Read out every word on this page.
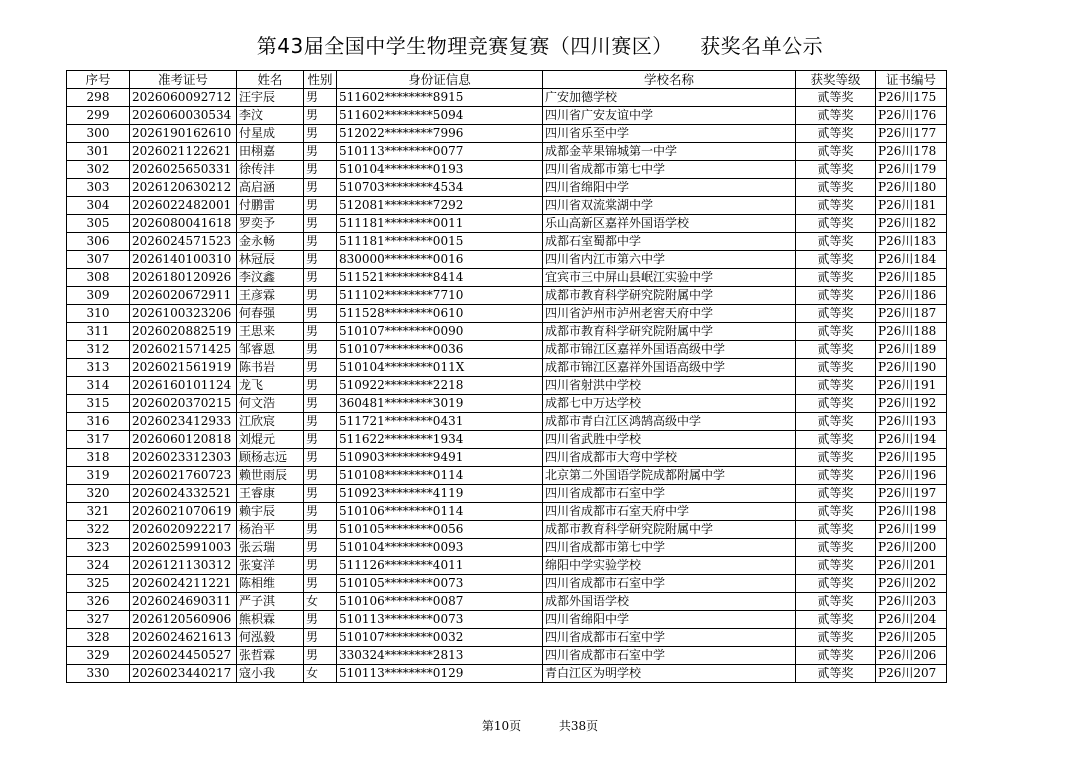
第43届全国中学生物理竞赛复赛（四川赛区）    获奖名单公示
序号	准考证号	姓名	性别	身份证信息	学校名称	获奖等级	证书编号
298	2026060092712	汪宇辰	男	511602********8915	广安加德学校	贰等奖	P26川175
299	2026060030534	李汶	男	511602********5094	四川省广安友谊中学	贰等奖	P26川176
300	2026190162610	付星成	男	512022********7996	四川省乐至中学	贰等奖	P26川177
301	2026021122621	田栩嘉	男	510113********0077	成都金苹果锦城第一中学	贰等奖	P26川178
302	2026025650331	徐传沣	男	510104********0193	四川省成都市第七中学	贰等奖	P26川179
303	2026120630212	高启涵	男	510703********4534	四川省绵阳中学	贰等奖	P26川180
304	2026022482001	付鹏雷	男	512081********7292	四川省双流棠湖中学	贰等奖	P26川181
305	2026080041618	罗奕予	男	511181********0011	乐山高新区嘉祥外国语学校	贰等奖	P26川182
306	2026024571523	金永畅	男	511181********0015	成都石室蜀都中学	贰等奖	P26川183
307	2026140100310	林冠辰	男	830000********0016	四川省内江市第六中学	贰等奖	P26川184
308	2026180120926	李汶鑫	男	511521********8414	宜宾市三中屏山县岷江实验中学	贰等奖	P26川185
309	2026020672911	王彦霖	男	511102********7710	成都市教育科学研究院附属中学	贰等奖	P26川186
310	2026100323206	何春强	男	511528********0610	四川省泸州市泸州老窖天府中学	贰等奖	P26川187
311	2026020882519	王思来	男	510107********0090	成都市教育科学研究院附属中学	贰等奖	P26川188
312	2026021571425	邹睿恩	男	510107********0036	成都市锦江区嘉祥外国语高级中学	贰等奖	P26川189
313	2026021561919	陈书岩	男	510104********011X	成都市锦江区嘉祥外国语高级中学	贰等奖	P26川190
314	2026160101124	龙飞	男	510922********2218	四川省射洪中学校	贰等奖	P26川191
315	2026020370215	何文浩	男	360481********3019	成都七中万达学校	贰等奖	P26川192
316	2026023412933	江欣宸	男	511721********0431	成都市青白江区鸿鹄高级中学	贰等奖	P26川193
317	2026060120818	刘焜元	男	511622********1934	四川省武胜中学校	贰等奖	P26川194
318	2026023312303	顾杨志远	男	510903********9491	四川省成都市大弯中学校	贰等奖	P26川195
319	2026021760723	赖世雨辰	男	510108********0114	北京第二外国语学院成都附属中学	贰等奖	P26川196
320	2026024332521	王睿康	男	510923********4119	四川省成都市石室中学	贰等奖	P26川197
321	2026021070619	赖宇辰	男	510106********0114	四川省成都市石室天府中学	贰等奖	P26川198
322	2026020922217	杨治平	男	510105********0056	成都市教育科学研究院附属中学	贰等奖	P26川199
323	2026025991003	张云瑞	男	510104********0093	四川省成都市第七中学	贰等奖	P26川200
324	2026121130312	张宴洋	男	511126********4011	绵阳中学实验学校	贰等奖	P26川201
325	2026024211221	陈相维	男	510105********0073	四川省成都市石室中学	贰等奖	P26川202
326	2026024690311	严子淇	女	510106********0087	成都外国语学校	贰等奖	P26川203
327	2026120560906	熊枳霖	男	510113********0073	四川省绵阳中学	贰等奖	P26川204
328	2026024621613	何泓毅	男	510107********0032	四川省成都市石室中学	贰等奖	P26川205
329	2026024450527	张哲霖	男	330324********2813	四川省成都市石室中学	贰等奖	P26川206
330	2026023440217	寇小我	女	510113********0129	青白江区为明学校	贰等奖	P26川207
第10页	共38页
